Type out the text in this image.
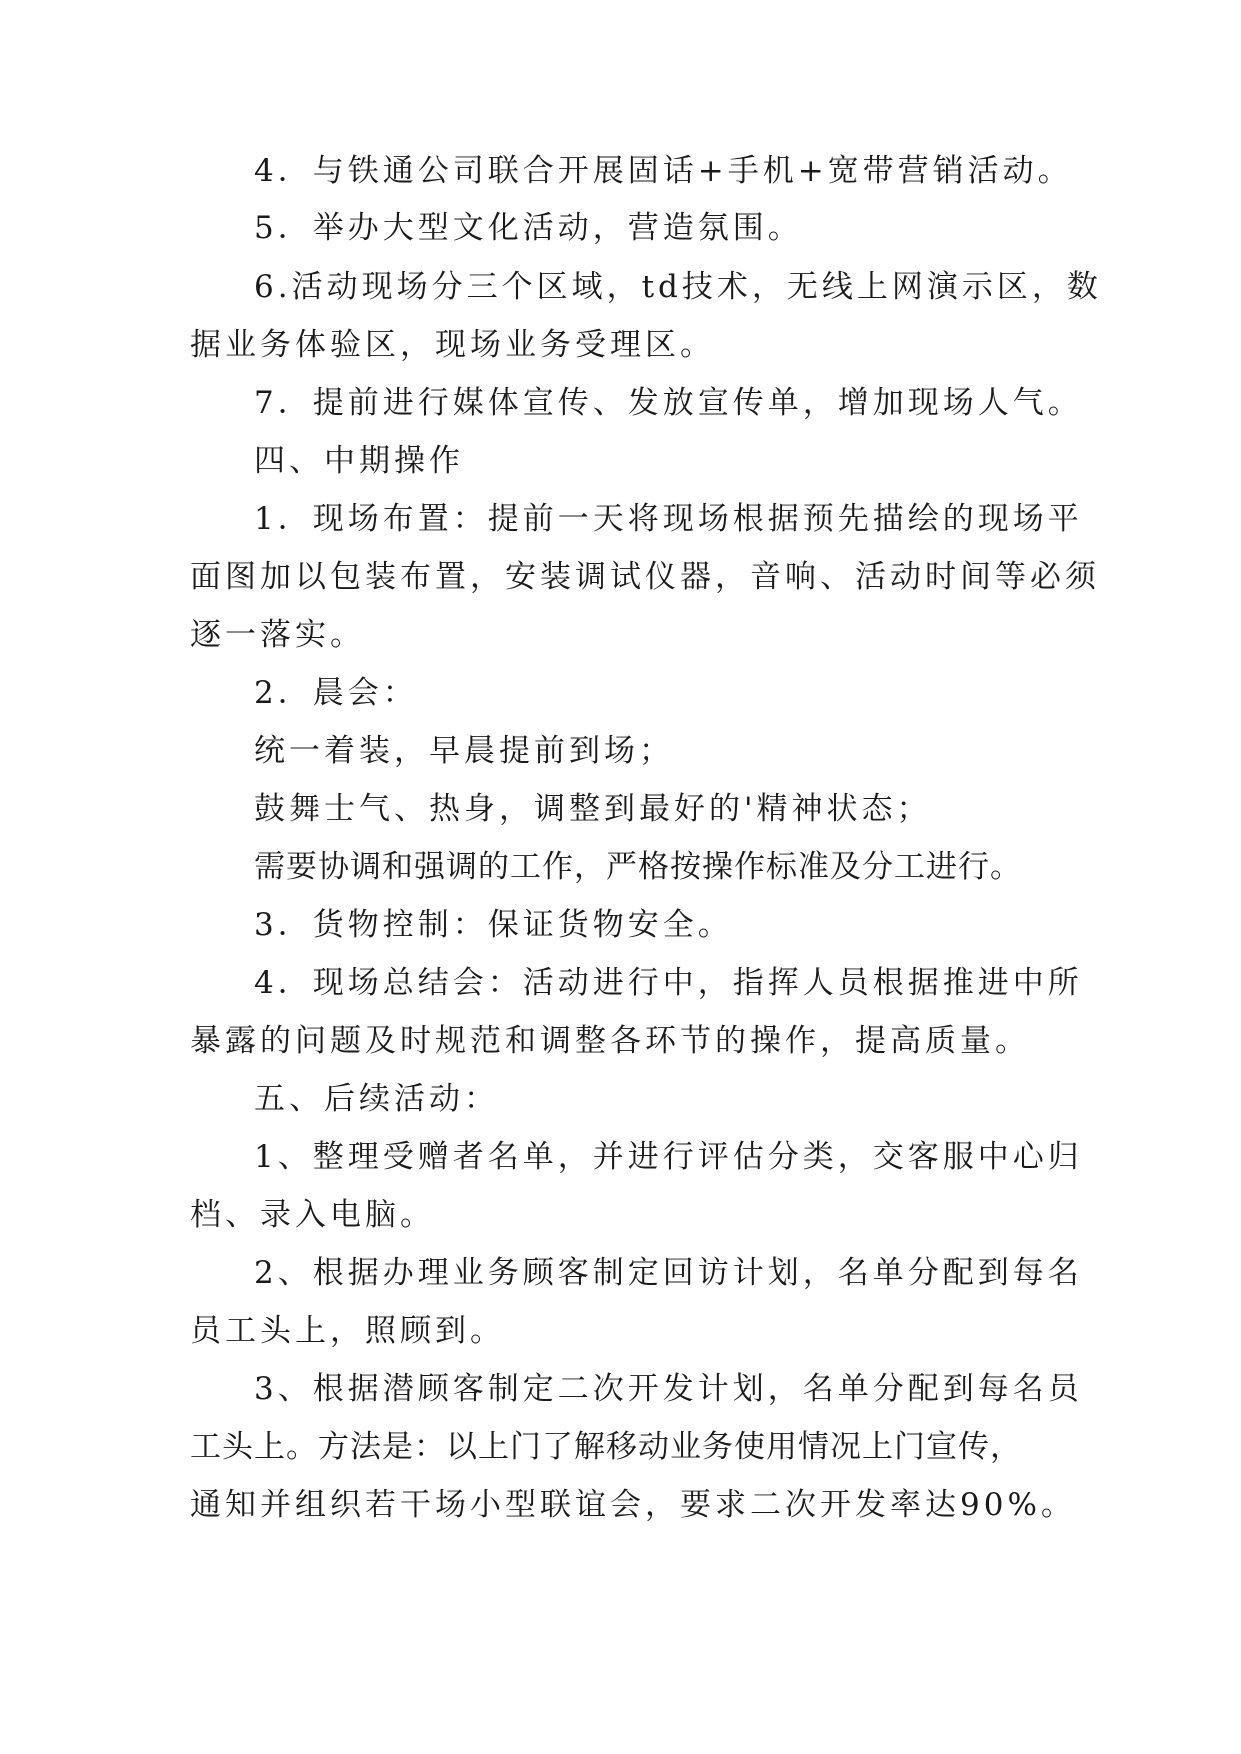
4．与铁通公司联合开展固话+手机+宽带营销活动。
5．举办大型文化活动，营造氛围。
6.活动现场分三个区域，td技术，无线上网演示区，数
据业务体验区，现场业务受理区。
7．提前进行媒体宣传、发放宣传单，增加现场人气。
四、中期操作
1．现场布置：提前一天将现场根据预先描绘的现场平
面图加以包装布置，安装调试仪器，音响、活动时间等必须
逐一落实。
2．晨会：
统一着装，早晨提前到场；
鼓舞士气、热身，调整到最好的'精神状态；
需要协调和强调的工作，严格按操作标准及分工进行。
3．货物控制：保证货物安全。
4．现场总结会：活动进行中，指挥人员根据推进中所
暴露的问题及时规范和调整各环节的操作，提高质量。
五、后续活动：
1、整理受赠者名单，并进行评估分类，交客服中心归
档、录入电脑。
2、根据办理业务顾客制定回访计划，名单分配到每名
员工头上，照顾到。
3、根据潜顾客制定二次开发计划，名单分配到每名员
工头上。方法是：以上门了解移动业务使用情况上门宣传，
通知并组织若干场小型联谊会，要求二次开发率达90%。
